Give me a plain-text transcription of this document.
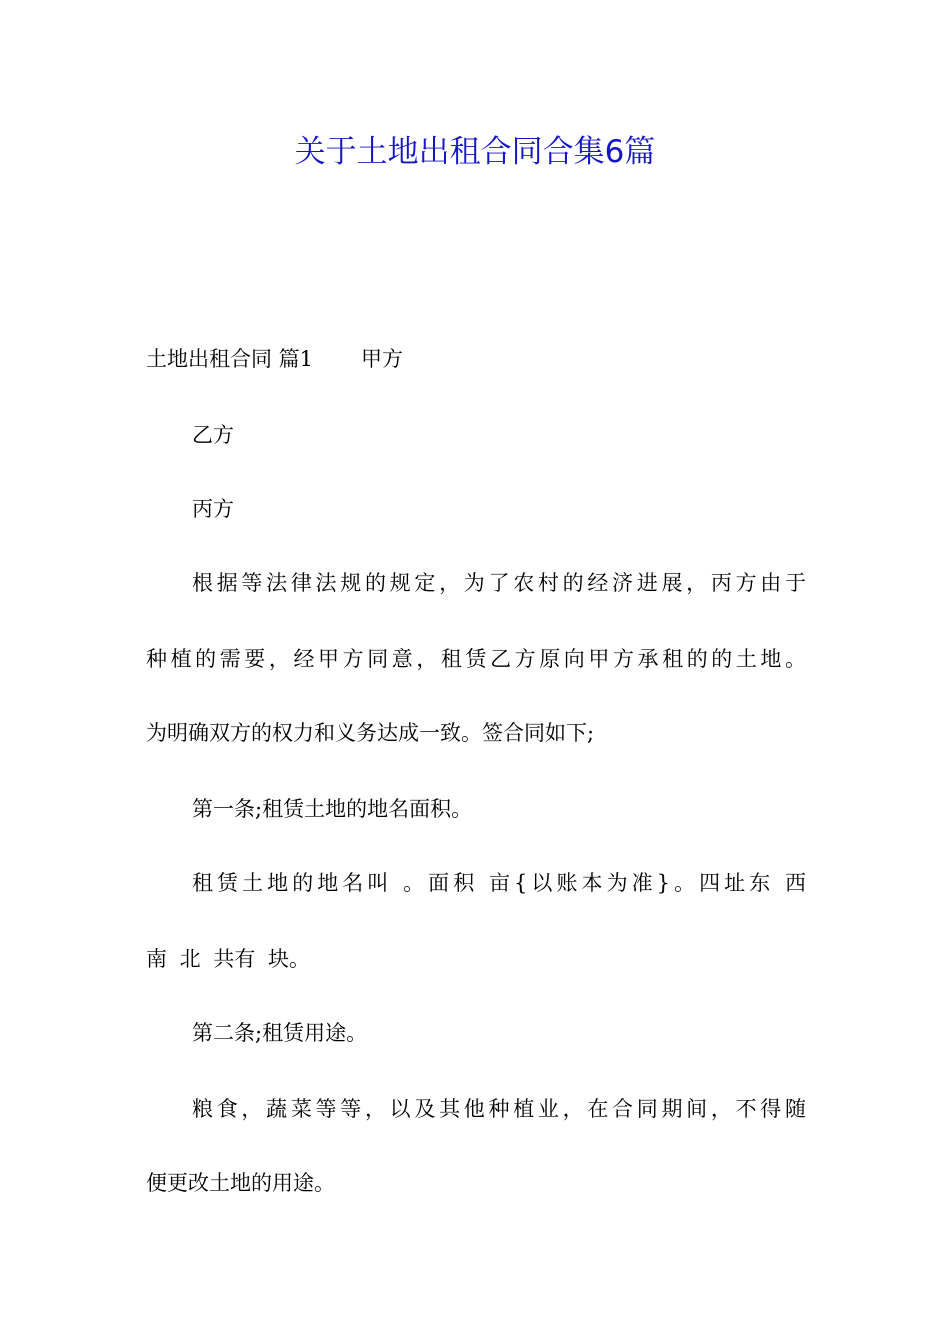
关于土地出租合同合集6篇
土地出租合同 篇1 甲方
乙方
丙方
根据等法律法规的规定，为了农村的经济进展，丙方由于
种植的需要，经甲方同意，租赁乙方原向甲方承租的的土地。
为明确双方的权力和义务达成一致。签合同如下;
第一条;租赁土地的地名面积。
租赁土地的地名叫 。面积 亩{以账本为准}。四址东 西
南 北 共有 块。
第二条;租赁用途。
粮食，蔬菜等等，以及其他种植业，在合同期间，不得随
便更改土地的用途。
